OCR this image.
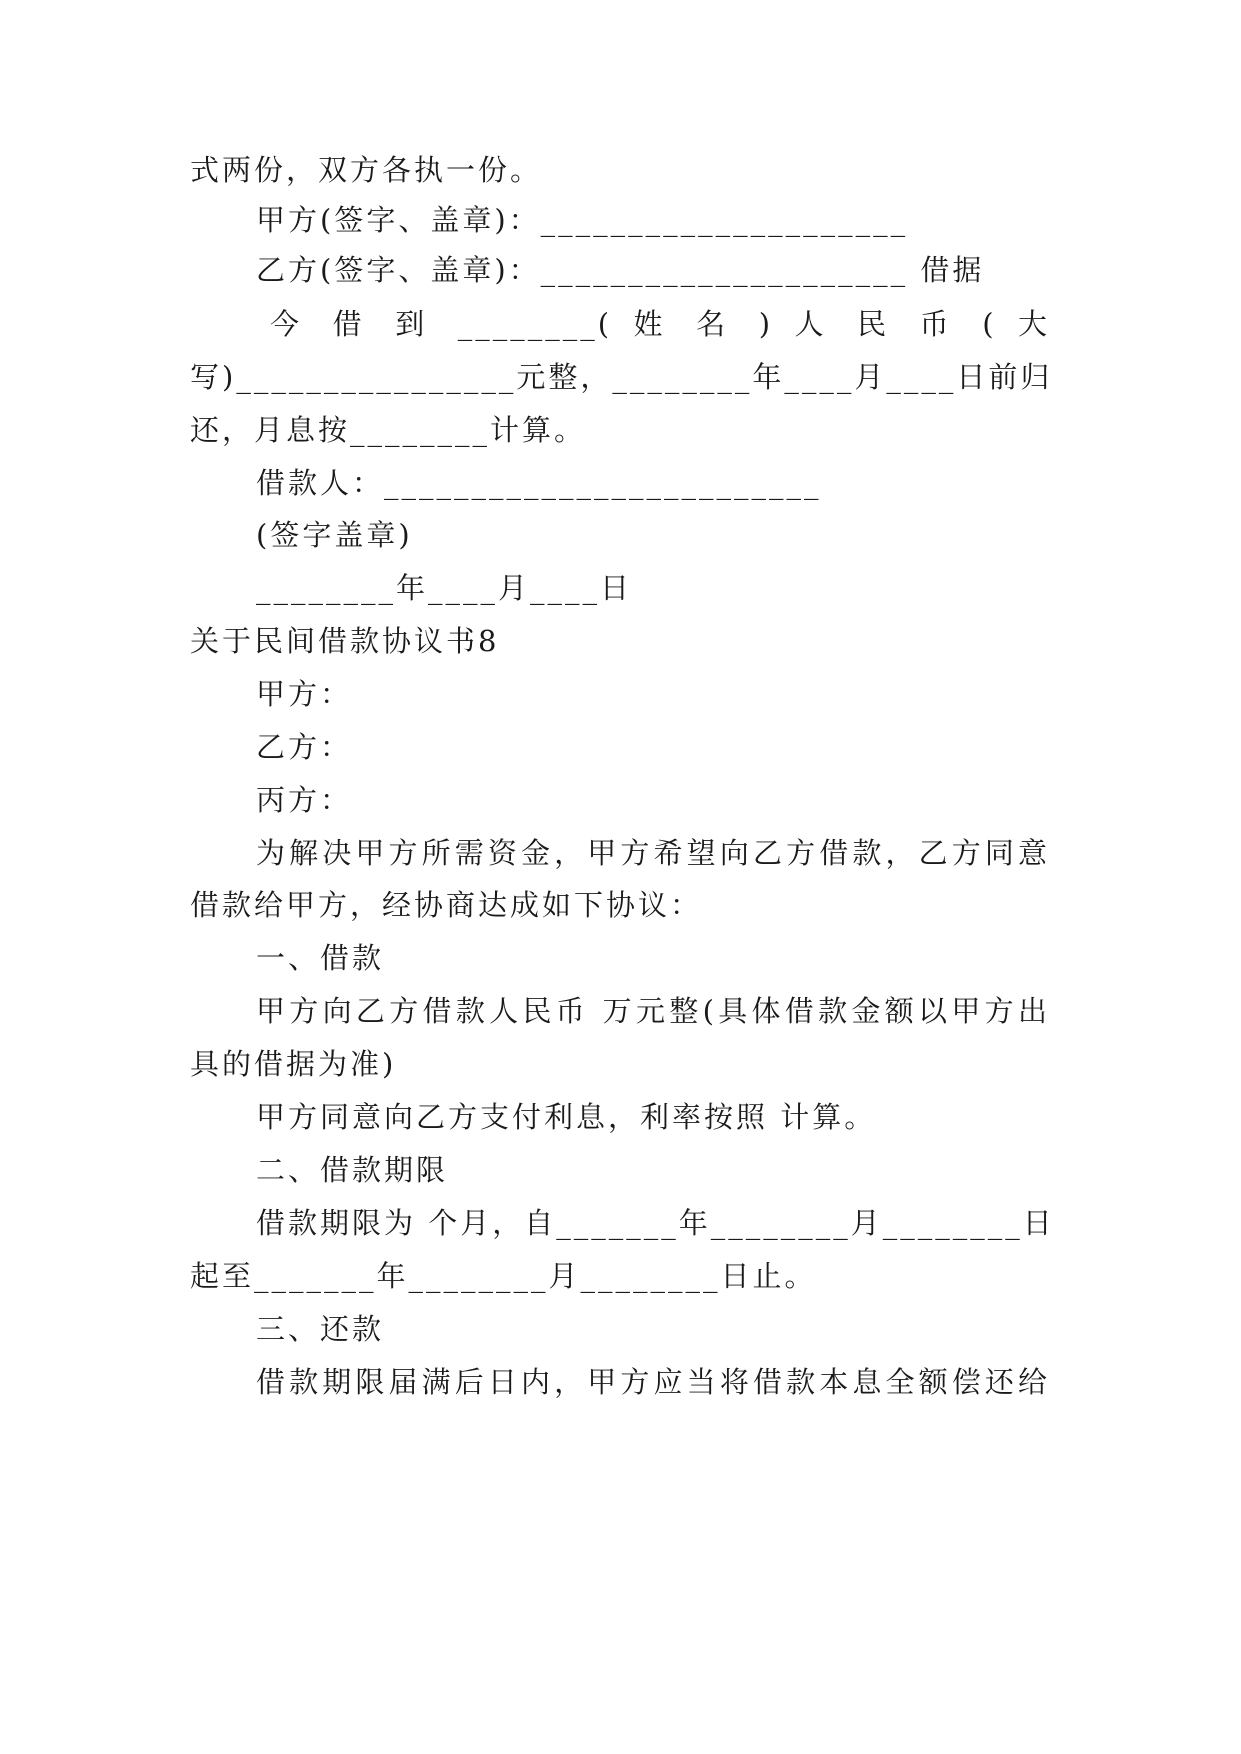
式两份，双方各执一份。
甲方(签字、盖章)：_____________________
乙方(签字、盖章)：_____________________ 借据
今 借 到 ________( 姓 名 ) 人 民 币 ( 大
写)________________元整，________年____月____日前归
还，月息按________计算。
借款人：_________________________
(签字盖章)
________年____月____日
关于民间借款协议书8
甲方：
乙方：
丙方：
为解决甲方所需资金，甲方希望向乙方借款，乙方同意
借款给甲方，经协商达成如下协议：
一、借款
甲方向乙方借款人民币 万元整(具体借款金额以甲方出
具的借据为准)
甲方同意向乙方支付利息，利率按照 计算。
二、借款期限
借款期限为 个月，自_______年________月________日
起至_______年________月________日止。
三、还款
借款期限届满后日内，甲方应当将借款本息全额偿还给
